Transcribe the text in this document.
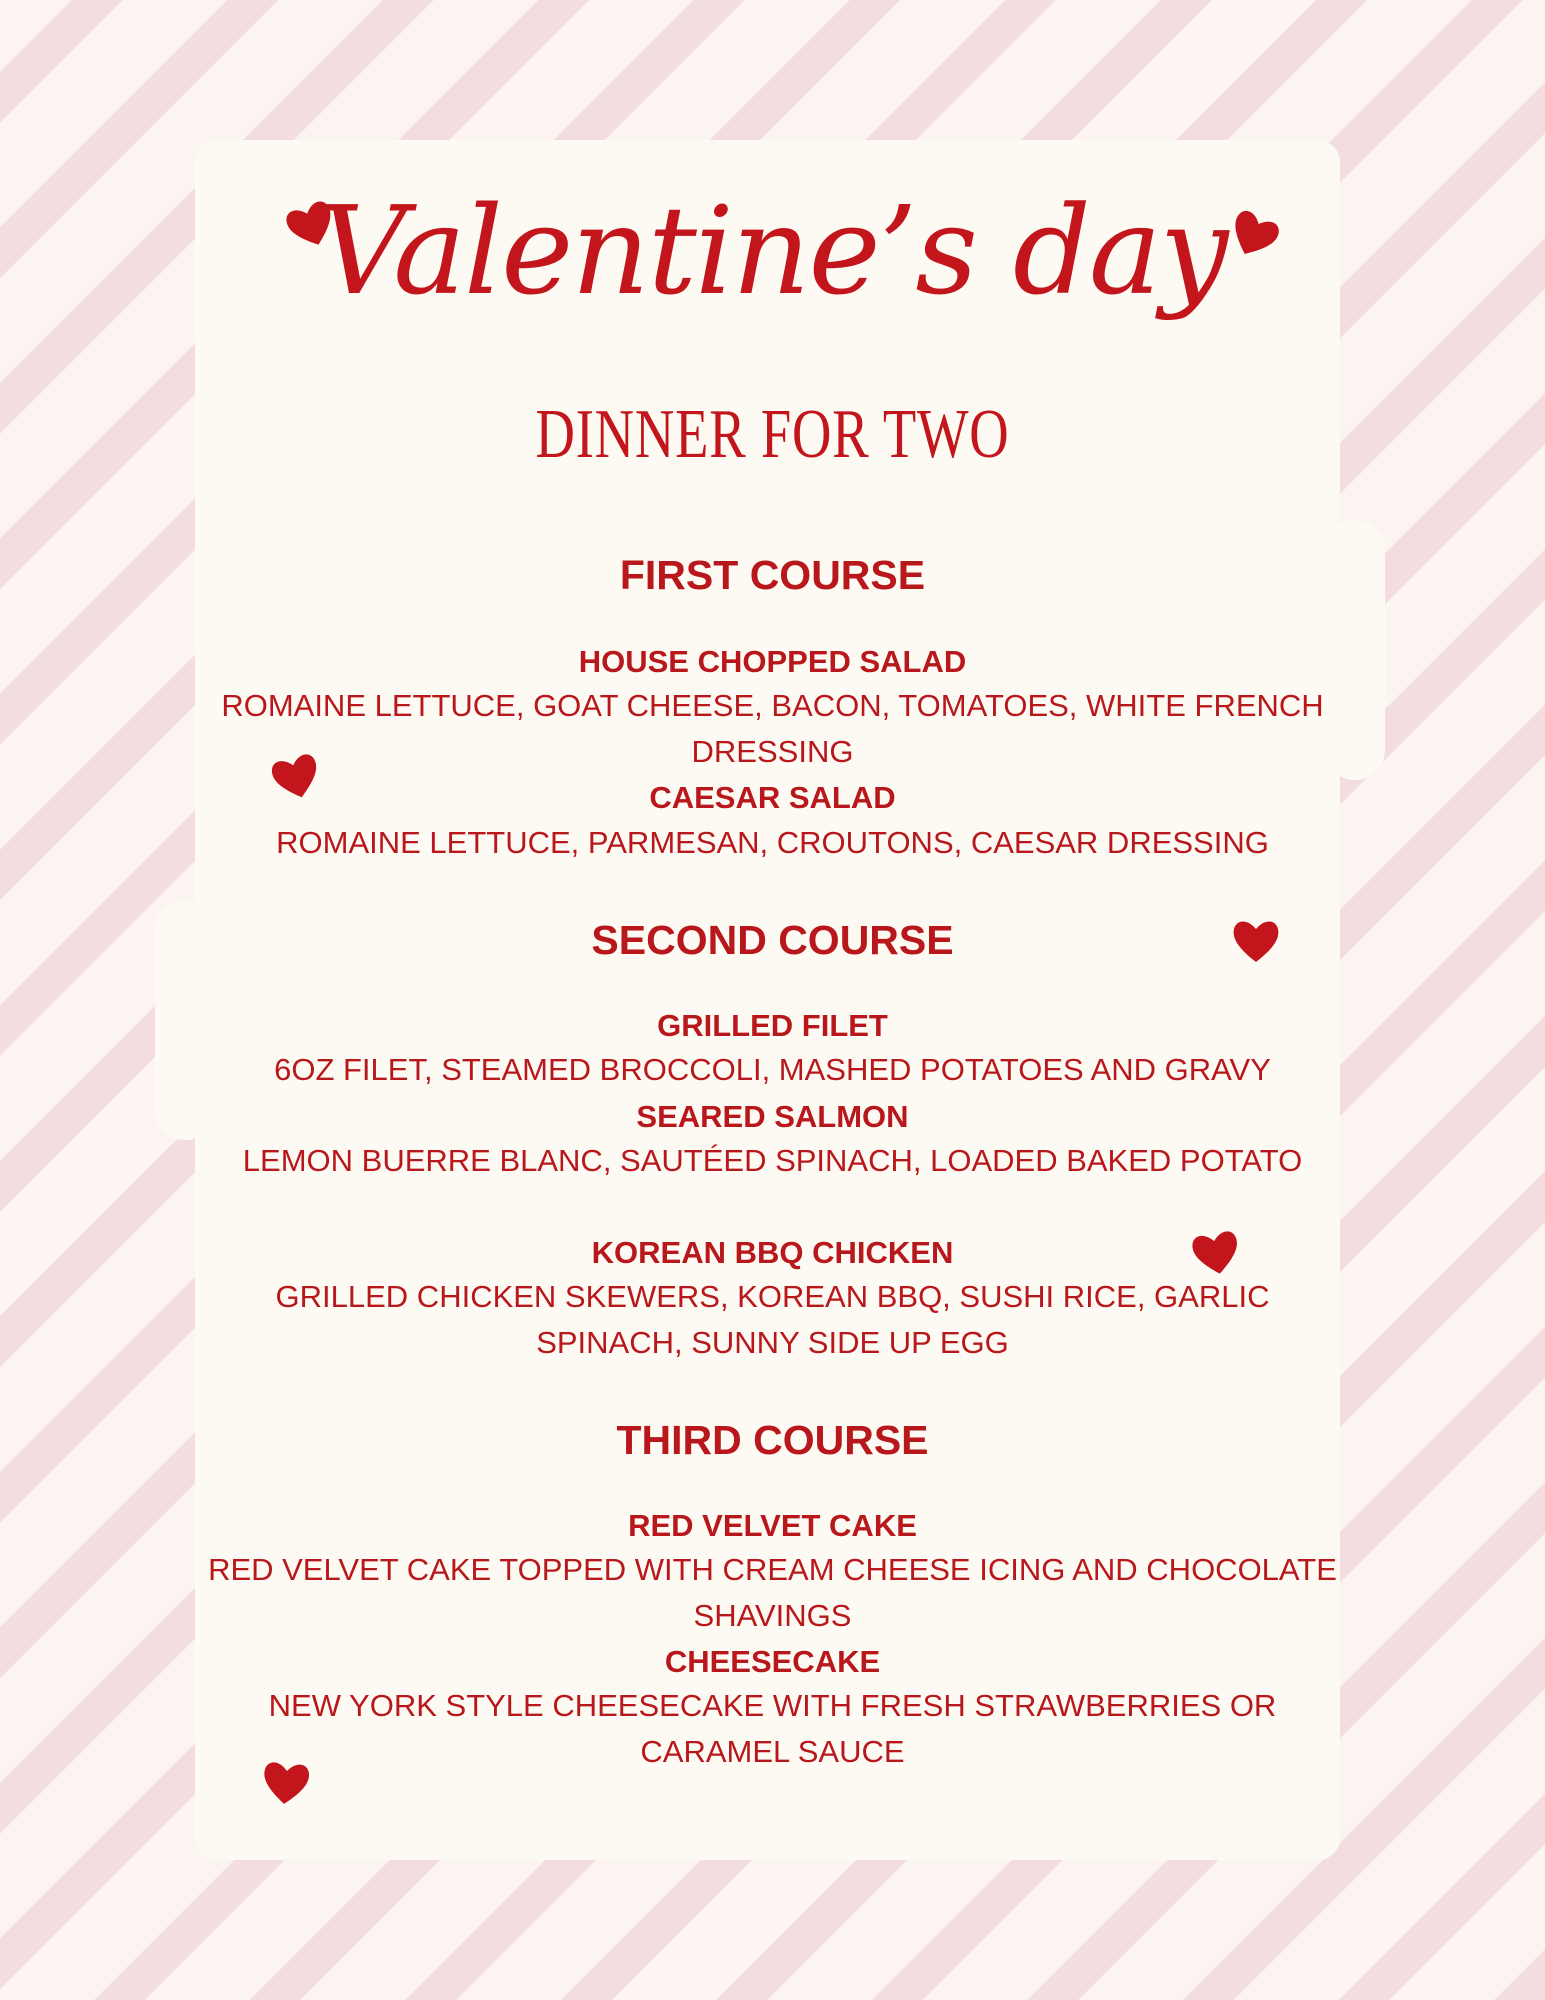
Valentine’s day
DINNER FOR TWO
FIRST COURSE
HOUSE CHOPPED SALAD
ROMAINE LETTUCE, GOAT CHEESE, BACON, TOMATOES, WHITE FRENCH DRESSING
CAESAR SALAD
ROMAINE LETTUCE, PARMESAN, CROUTONS, CAESAR DRESSING
SECOND COURSE
GRILLED FILET
6OZ FILET, STEAMED BROCCOLI, MASHED POTATOES AND GRAVY
SEARED SALMON
LEMON BUERRE BLANC, SAUTÉED SPINACH, LOADED BAKED POTATO
KOREAN BBQ CHICKEN
GRILLED CHICKEN SKEWERS, KOREAN BBQ, SUSHI RICE, GARLIC SPINACH, SUNNY SIDE UP EGG
THIRD COURSE
RED VELVET CAKE
RED VELVET CAKE TOPPED WITH CREAM CHEESE ICING AND CHOCOLATE SHAVINGS
CHEESECAKE
NEW YORK STYLE CHEESECAKE WITH FRESH STRAWBERRIES OR CARAMEL SAUCE
